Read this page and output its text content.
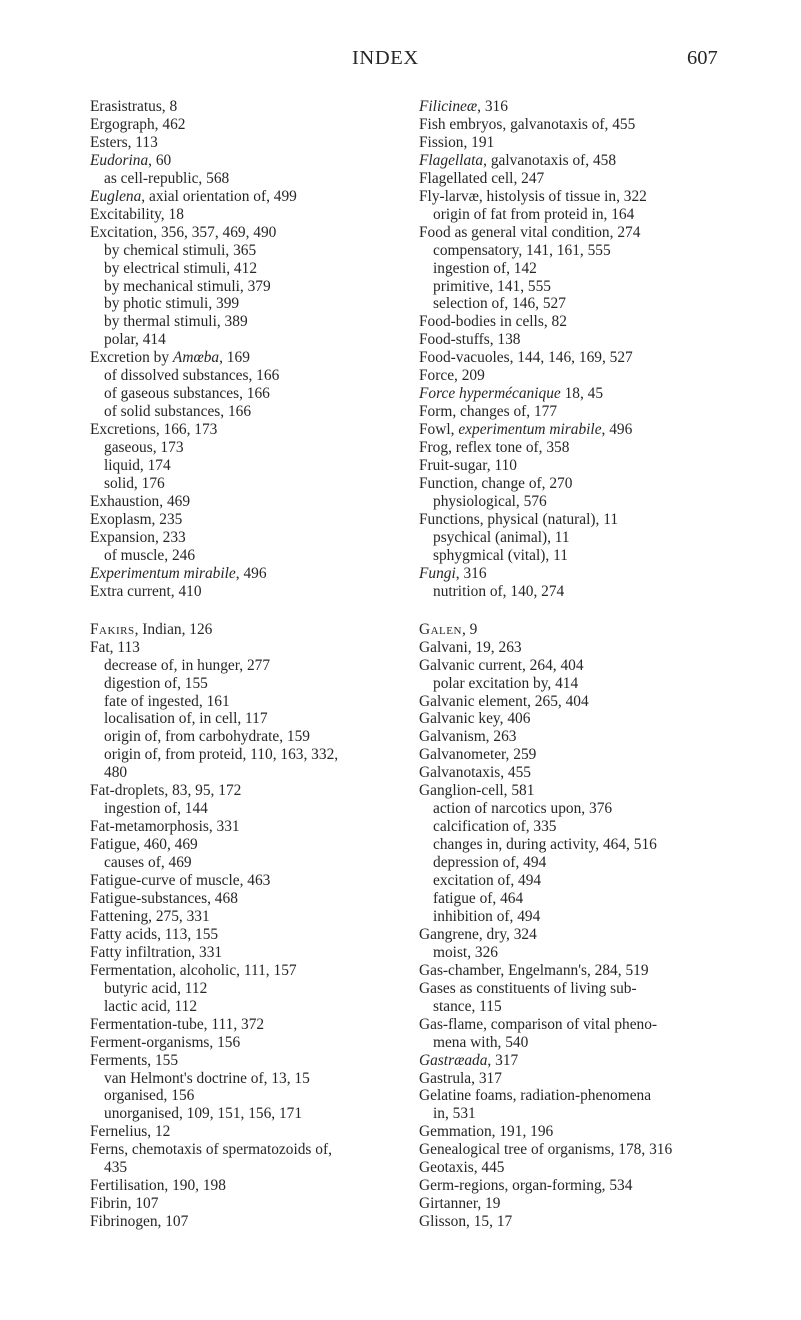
INDEX	607
Erasistratus, 8
Ergograph, 462
Esters, 113
Eudorina, 60
as cell-republic, 568
Euglena, axial orientation of, 499
Excitability, 18
Excitation, 356, 357, 469, 490
by chemical stimuli, 365
by electrical stimuli, 412
by mechanical stimuli, 379
by photic stimuli, 399
by thermal stimuli, 389
polar, 414
Excretion by Amœba, 169
of dissolved substances, 166
of gaseous substances, 166
of solid substances, 166
Excretions, 166, 173
gaseous, 173
liquid, 174
solid, 176
Exhaustion, 469
Exoplasm, 235
Expansion, 233
of muscle, 246
Experimentum mirabile, 496
Extra current, 410
Fakirs, Indian, 126
Fat, 113
decrease of, in hunger, 277
digestion of, 155
fate of ingested, 161
localisation of, in cell, 117
origin of, from carbohydrate, 159
origin of, from proteid, 110, 163, 332,
480
Fat-droplets, 83, 95, 172
ingestion of, 144
Fat-metamorphosis, 331
Fatigue, 460, 469
causes of, 469
Fatigue-curve of muscle, 463
Fatigue-substances, 468
Fattening, 275, 331
Fatty acids, 113, 155
Fatty infiltration, 331
Fermentation, alcoholic, 111, 157
butyric acid, 112
lactic acid, 112
Fermentation-tube, 111, 372
Ferment-organisms, 156
Ferments, 155
van Helmont's doctrine of, 13, 15
organised, 156
unorganised, 109, 151, 156, 171
Fernelius, 12
Ferns, chemotaxis of spermatozoids of,
435
Fertilisation, 190, 198
Fibrin, 107
Fibrinogen, 107
Filicineæ, 316
Fish embryos, galvanotaxis of, 455
Fission, 191
Flagellata, galvanotaxis of, 458
Flagellated cell, 247
Fly-larvæ, histolysis of tissue in, 322
origin of fat from proteid in, 164
Food as general vital condition, 274
compensatory, 141, 161, 555
ingestion of, 142
primitive, 141, 555
selection of, 146, 527
Food-bodies in cells, 82
Food-stuffs, 138
Food-vacuoles, 144, 146, 169, 527
Force, 209
Force hypermécanique 18, 45
Form, changes of, 177
Fowl, experimentum mirabile, 496
Frog, reflex tone of, 358
Fruit-sugar, 110
Function, change of, 270
physiological, 576
Functions, physical (natural), 11
psychical (animal), 11
sphygmical (vital), 11
Fungi, 316
nutrition of, 140, 274
Galen, 9
Galvani, 19, 263
Galvanic current, 264, 404
polar excitation by, 414
Galvanic element, 265, 404
Galvanic key, 406
Galvanism, 263
Galvanometer, 259
Galvanotaxis, 455
Ganglion-cell, 581
action of narcotics upon, 376
calcification of, 335
changes in, during activity, 464, 516
depression of, 494
excitation of, 494
fatigue of, 464
inhibition of, 494
Gangrene, dry, 324
moist, 326
Gas-chamber, Engelmann's, 284, 519
Gases as constituents of living sub-
stance, 115
Gas-flame, comparison of vital pheno-
mena with, 540
Gastræada, 317
Gastrula, 317
Gelatine foams, radiation-phenomena
in, 531
Gemmation, 191, 196
Genealogical tree of organisms, 178, 316
Geotaxis, 445
Germ-regions, organ-forming, 534
Girtanner, 19
Glisson, 15, 17
